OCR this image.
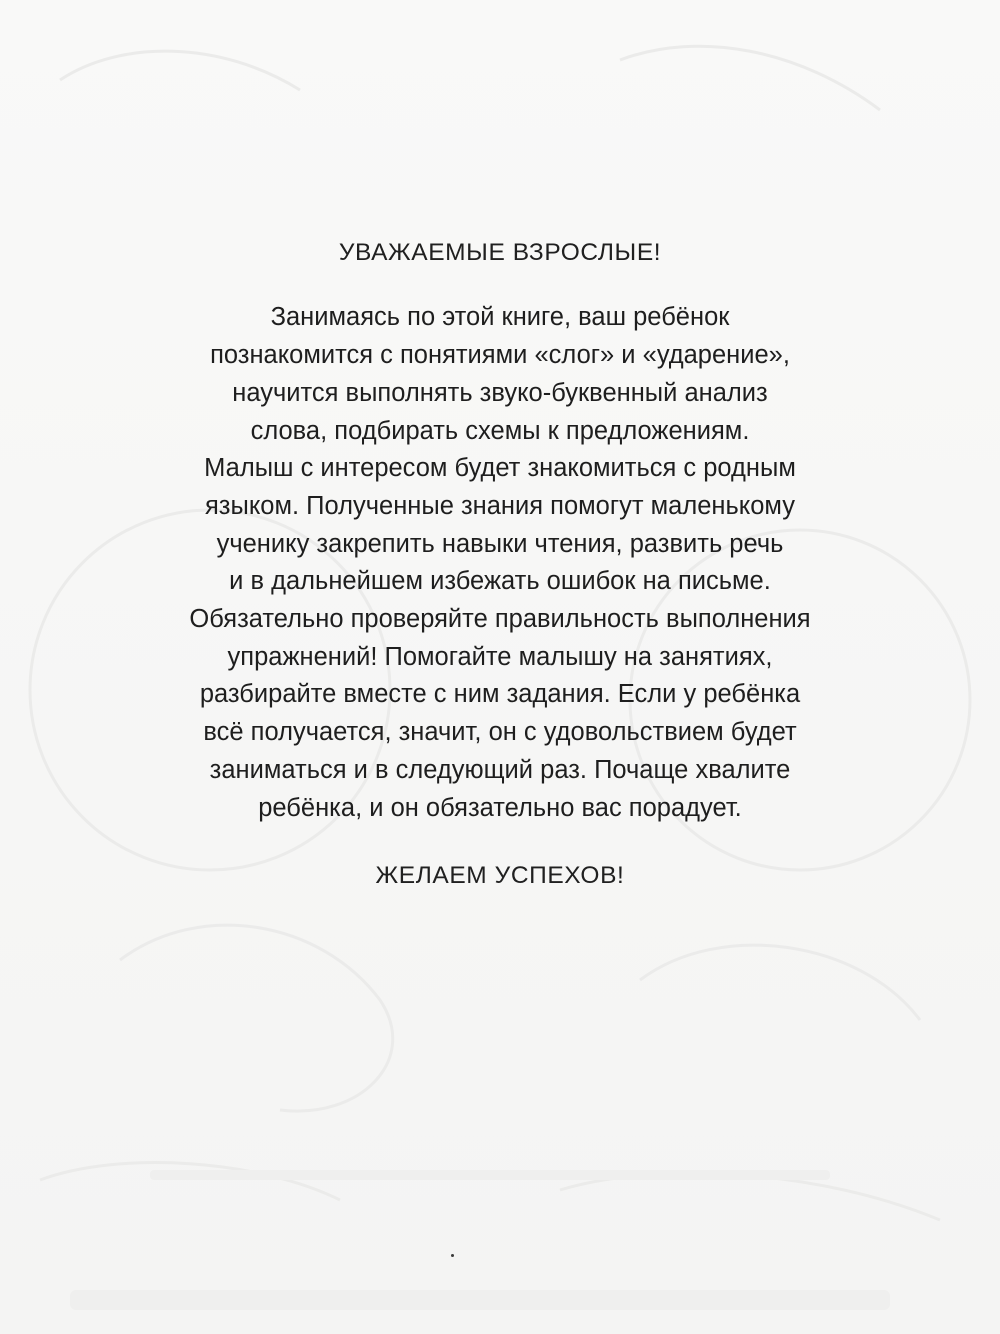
УВАЖАЕМЫЕ ВЗРОСЛЫЕ!

Занимаясь по этой книге, ваш ребёнок
познакомится с понятиями «слог» и «ударение»,
научится выполнять звуко-буквенный анализ
слова, подбирать схемы к предложениям.
Малыш с интересом будет знакомиться с родным
языком. Полученные знания помогут маленькому
ученику закрепить навыки чтения, развить речь
и в дальнейшем избежать ошибок на письме.
Обязательно проверяйте правильность выполнения
упражнений! Помогайте малышу на занятиях,
разбирайте вместе с ним задания. Если у ребёнка
всё получается, значит, он с удовольствием будет
заниматься и в следующий раз. Почаще хвалите
ребёнка, и он обязательно вас порадует.

ЖЕЛАЕМ УСПЕХОВ!
